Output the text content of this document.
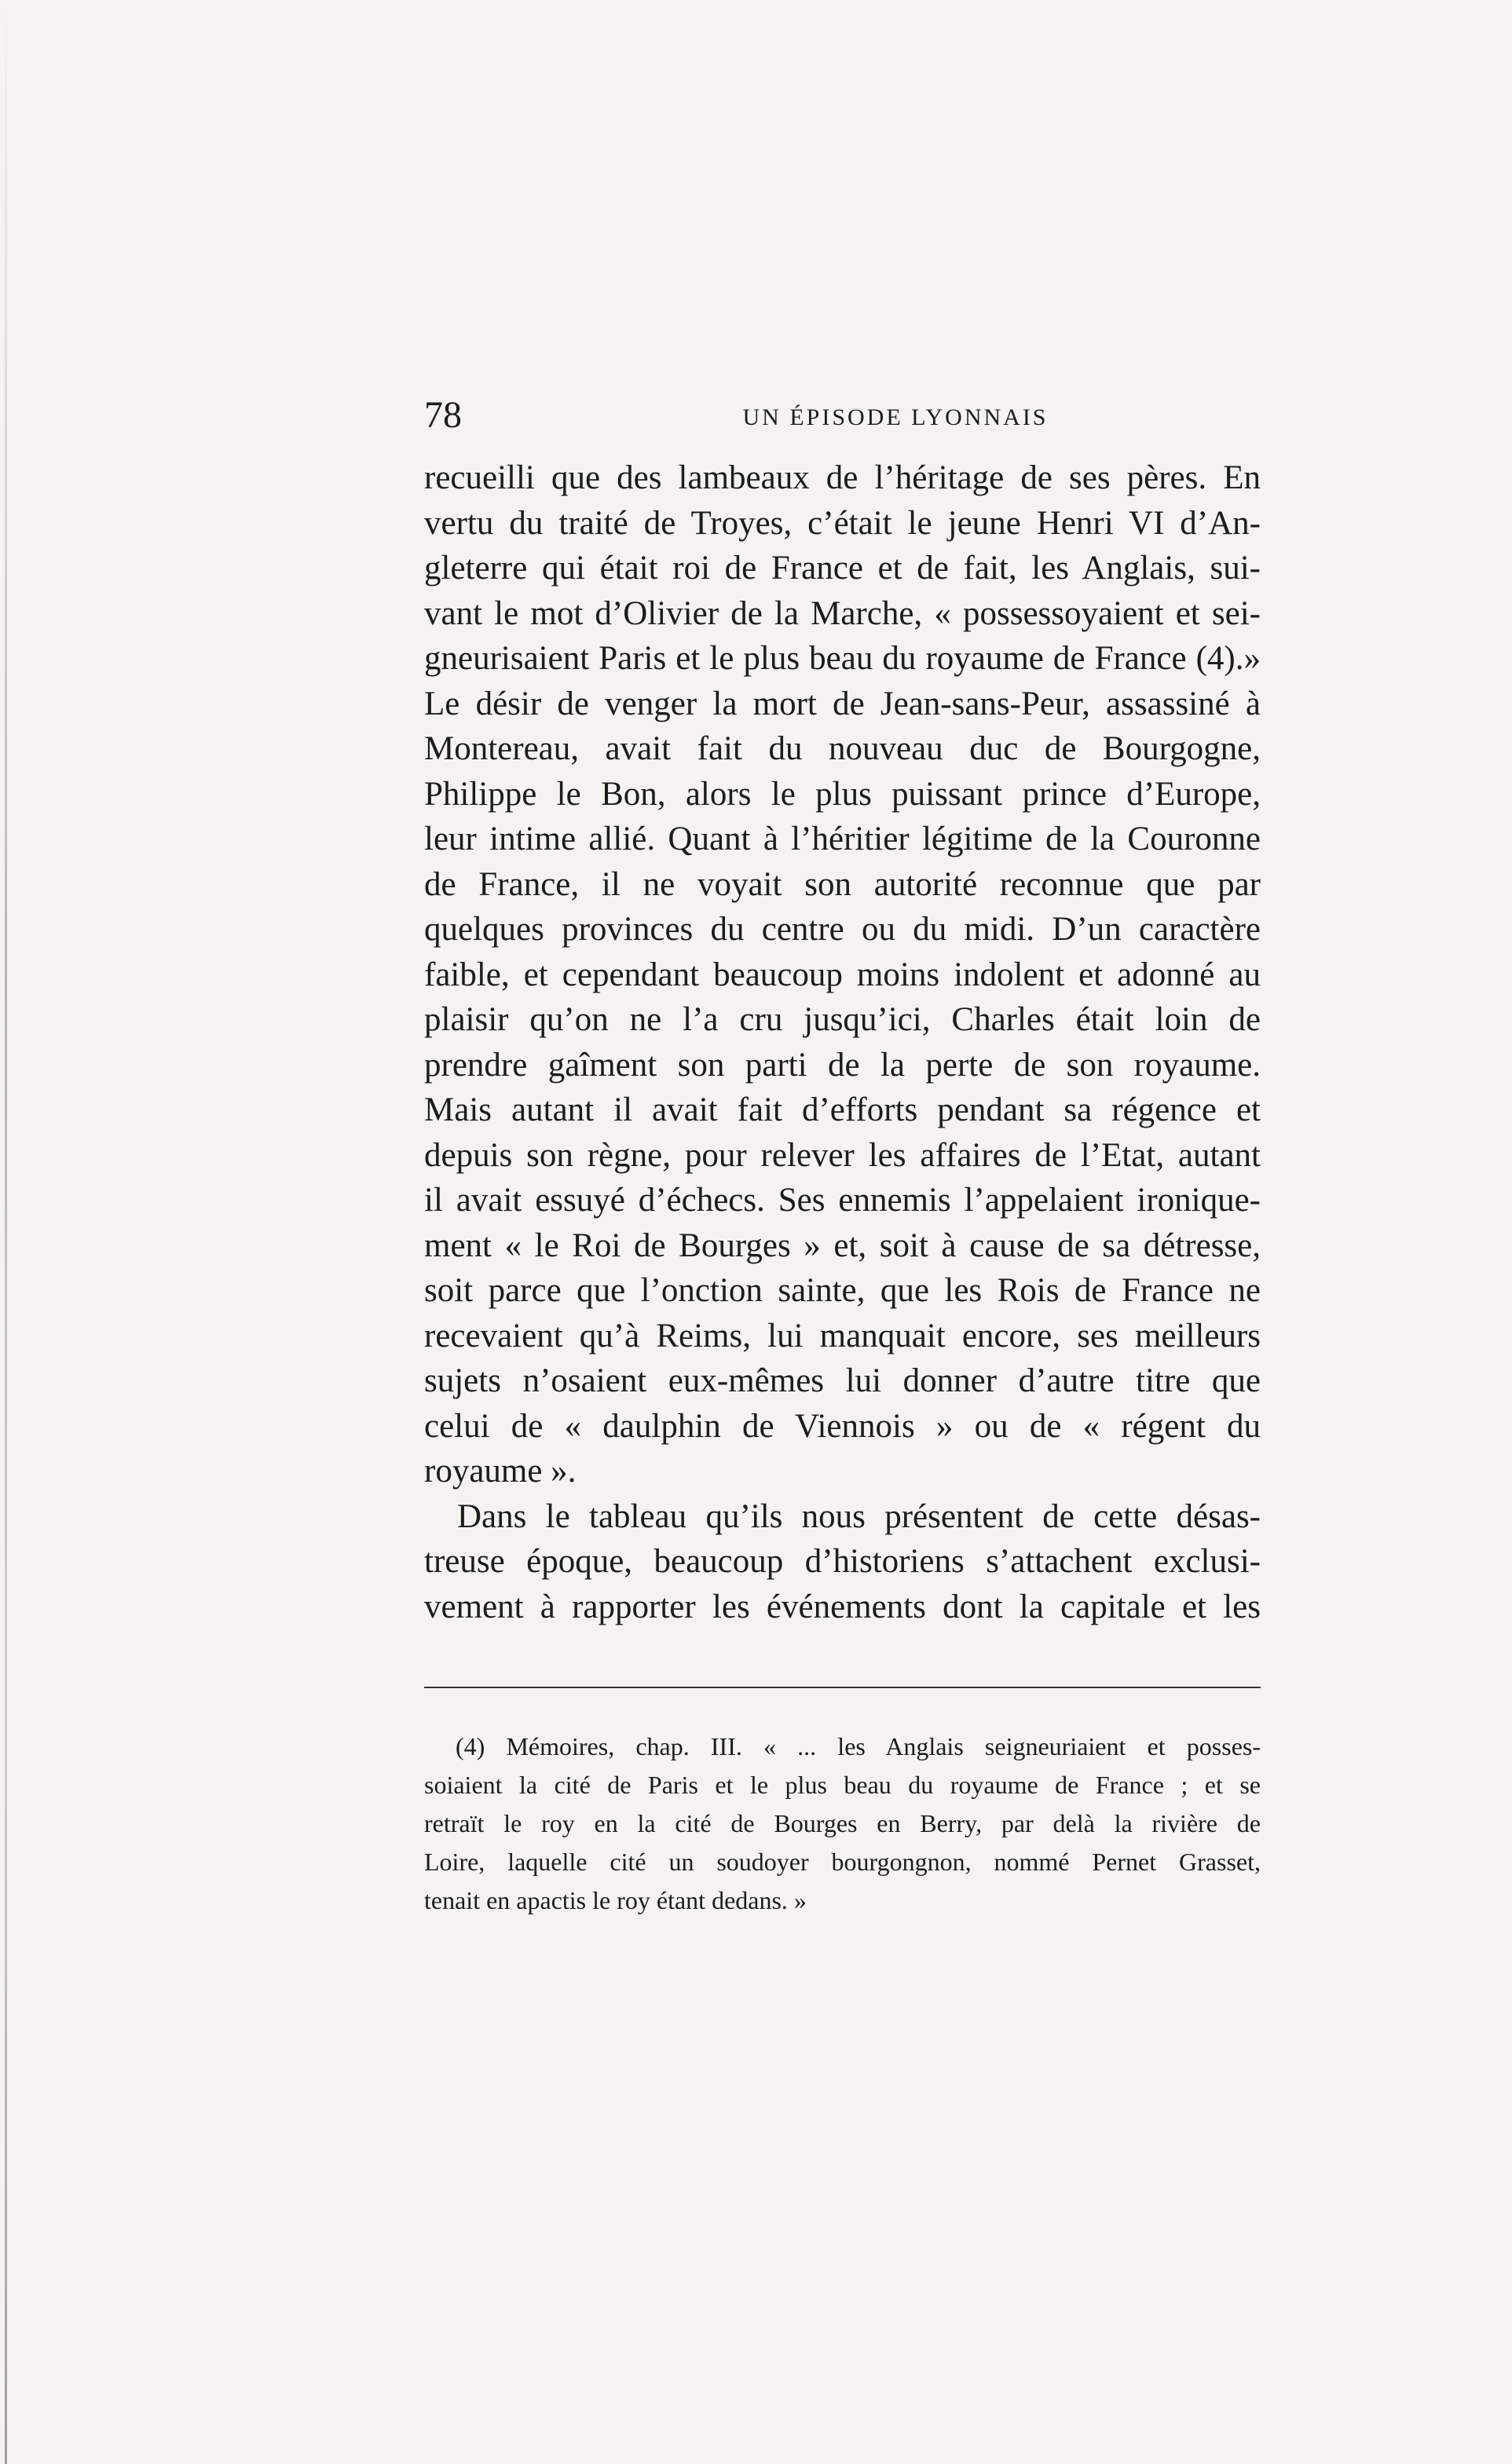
78	UN ÉPISODE LYONNAIS
recueilli que des lambeaux de l’héritage de ses pères. En
vertu du traité de Troyes, c’était le jeune Henri VI d’An-
gleterre qui était roi de France et de fait, les Anglais, sui-
vant le mot d’Olivier de la Marche, « possessoyaient et sei-
gneurisaient Paris et le plus beau du royaume de France (4).»
Le désir de venger la mort de Jean-sans-Peur, assassiné à
Montereau, avait fait du nouveau duc de Bourgogne,
Philippe le Bon, alors le plus puissant prince d’Europe,
leur intime allié. Quant à l’héritier légitime de la Couronne
de France, il ne voyait son autorité reconnue que par
quelques provinces du centre ou du midi. D’un caractère
faible, et cependant beaucoup moins indolent et adonné au
plaisir qu’on ne l’a cru jusqu’ici, Charles était loin de
prendre gaîment son parti de la perte de son royaume.
Mais autant il avait fait d’efforts pendant sa régence et
depuis son règne, pour relever les affaires de l’Etat, autant
il avait essuyé d’échecs. Ses ennemis l’appelaient ironique-
ment « le Roi de Bourges » et, soit à cause de sa détresse,
soit parce que l’onction sainte, que les Rois de France ne
recevaient qu’à Reims, lui manquait encore, ses meilleurs
sujets n’osaient eux-mêmes lui donner d’autre titre que
celui de « daulphin de Viennois » ou de « régent du
royaume ».
Dans le tableau qu’ils nous présentent de cette désas-
treuse époque, beaucoup d’historiens s’attachent exclusi-
vement à rapporter les événements dont la capitale et les
(4) Mémoires, chap. III. « ... les Anglais seigneuriaient et posses-
soiaient la cité de Paris et le plus beau du royaume de France ; et se
retraït le roy en la cité de Bourges en Berry, par delà la rivière de
Loire, laquelle cité un soudoyer bourgongnon, nommé Pernet Grasset,
tenait en apactis le roy étant dedans. »
